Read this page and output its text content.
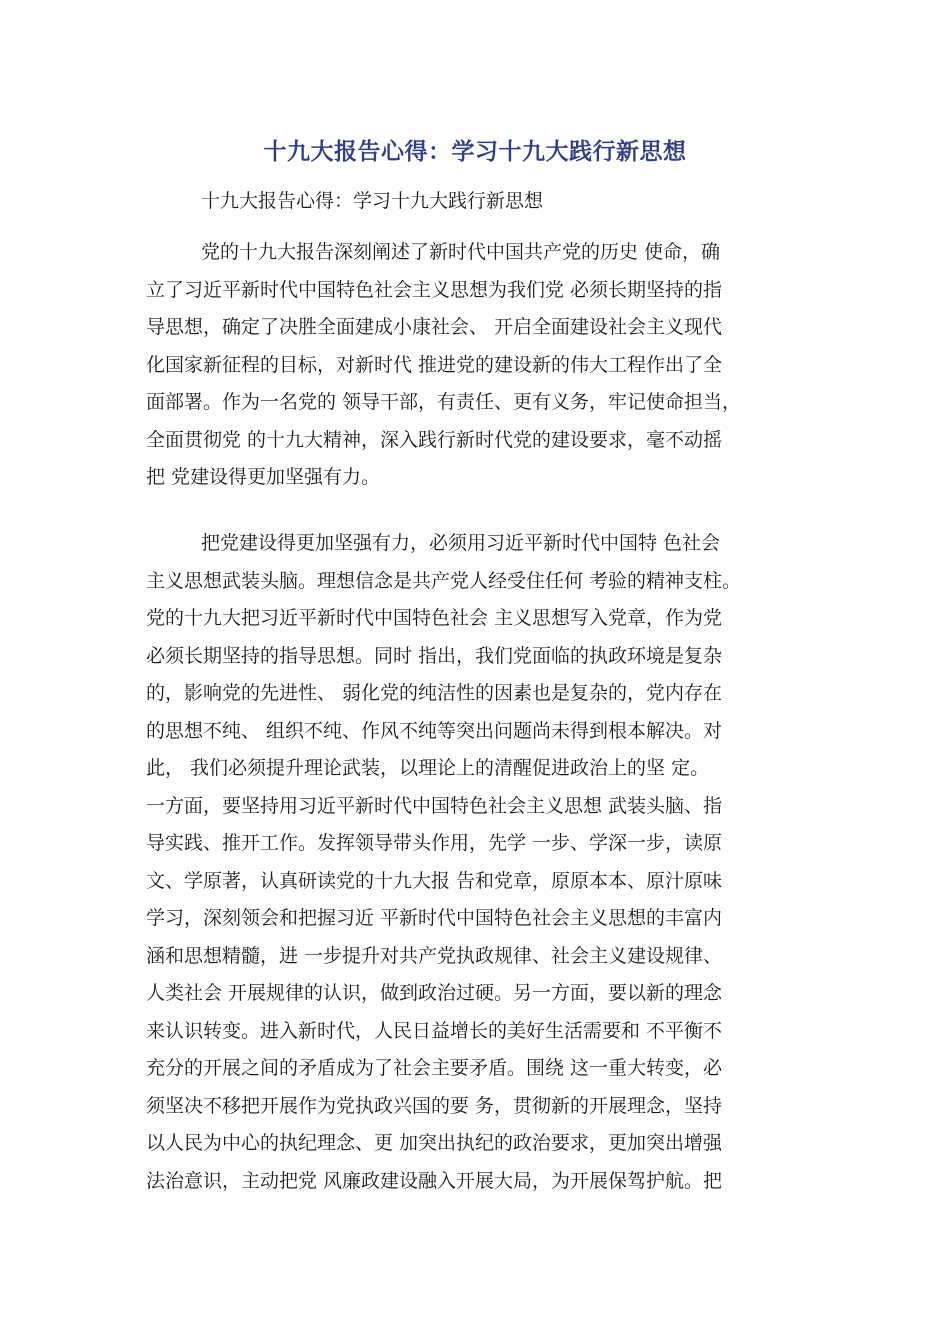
十九大报告心得：学习十九大践行新思想
十九大报告心得：学习十九大践行新思想
党的十九大报告深刻阐述了新时代中国共产党的历史 使命，确
立了习近平新时代中国特色社会主义思想为我们党 必须长期坚持的指
导思想，确定了决胜全面建成小康社会、 开启全面建设社会主义现代
化国家新征程的目标，对新时代 推进党的建设新的伟大工程作出了全
面部署。作为一名党的 领导干部，有责任、更有义务，牢记使命担当，
全面贯彻党 的十九大精神，深入践行新时代党的建设要求，毫不动摇
把 党建设得更加坚强有力。
把党建设得更加坚强有力，必须用习近平新时代中国特 色社会
主义思想武装头脑。理想信念是共产党人经受住任何 考验的精神支柱。
党的十九大把习近平新时代中国特色社会 主义思想写入党章，作为党
必须长期坚持的指导思想。同时 指出，我们党面临的执政环境是复杂
的，影响党的先进性、 弱化党的纯洁性的因素也是复杂的，党内存在
的思想不纯、 组织不纯、作风不纯等突出问题尚未得到根本解决。对
此， 我们必须提升理论武装，以理论上的清醒促进政治上的坚 定。
一方面，要坚持用习近平新时代中国特色社会主义思想 武装头脑、指
导实践、推开工作。发挥领导带头作用，先学 一步、学深一步，读原
文、学原著，认真研读党的十九大报 告和党章，原原本本、原汁原味
学习，深刻领会和把握习近 平新时代中国特色社会主义思想的丰富内
涵和思想精髓，进 一步提升对共产党执政规律、社会主义建设规律、
人类社会 开展规律的认识，做到政治过硬。另一方面，要以新的理念
来认识转变。进入新时代，人民日益增长的美好生活需要和 不平衡不
充分的开展之间的矛盾成为了社会主要矛盾。围绕 这一重大转变，必
须坚决不移把开展作为党执政兴国的要 务，贯彻新的开展理念，坚持
以人民为中心的执纪理念、更 加突出执纪的政治要求，更加突出增强
法治意识，主动把党 风廉政建设融入开展大局，为开展保驾护航。把
